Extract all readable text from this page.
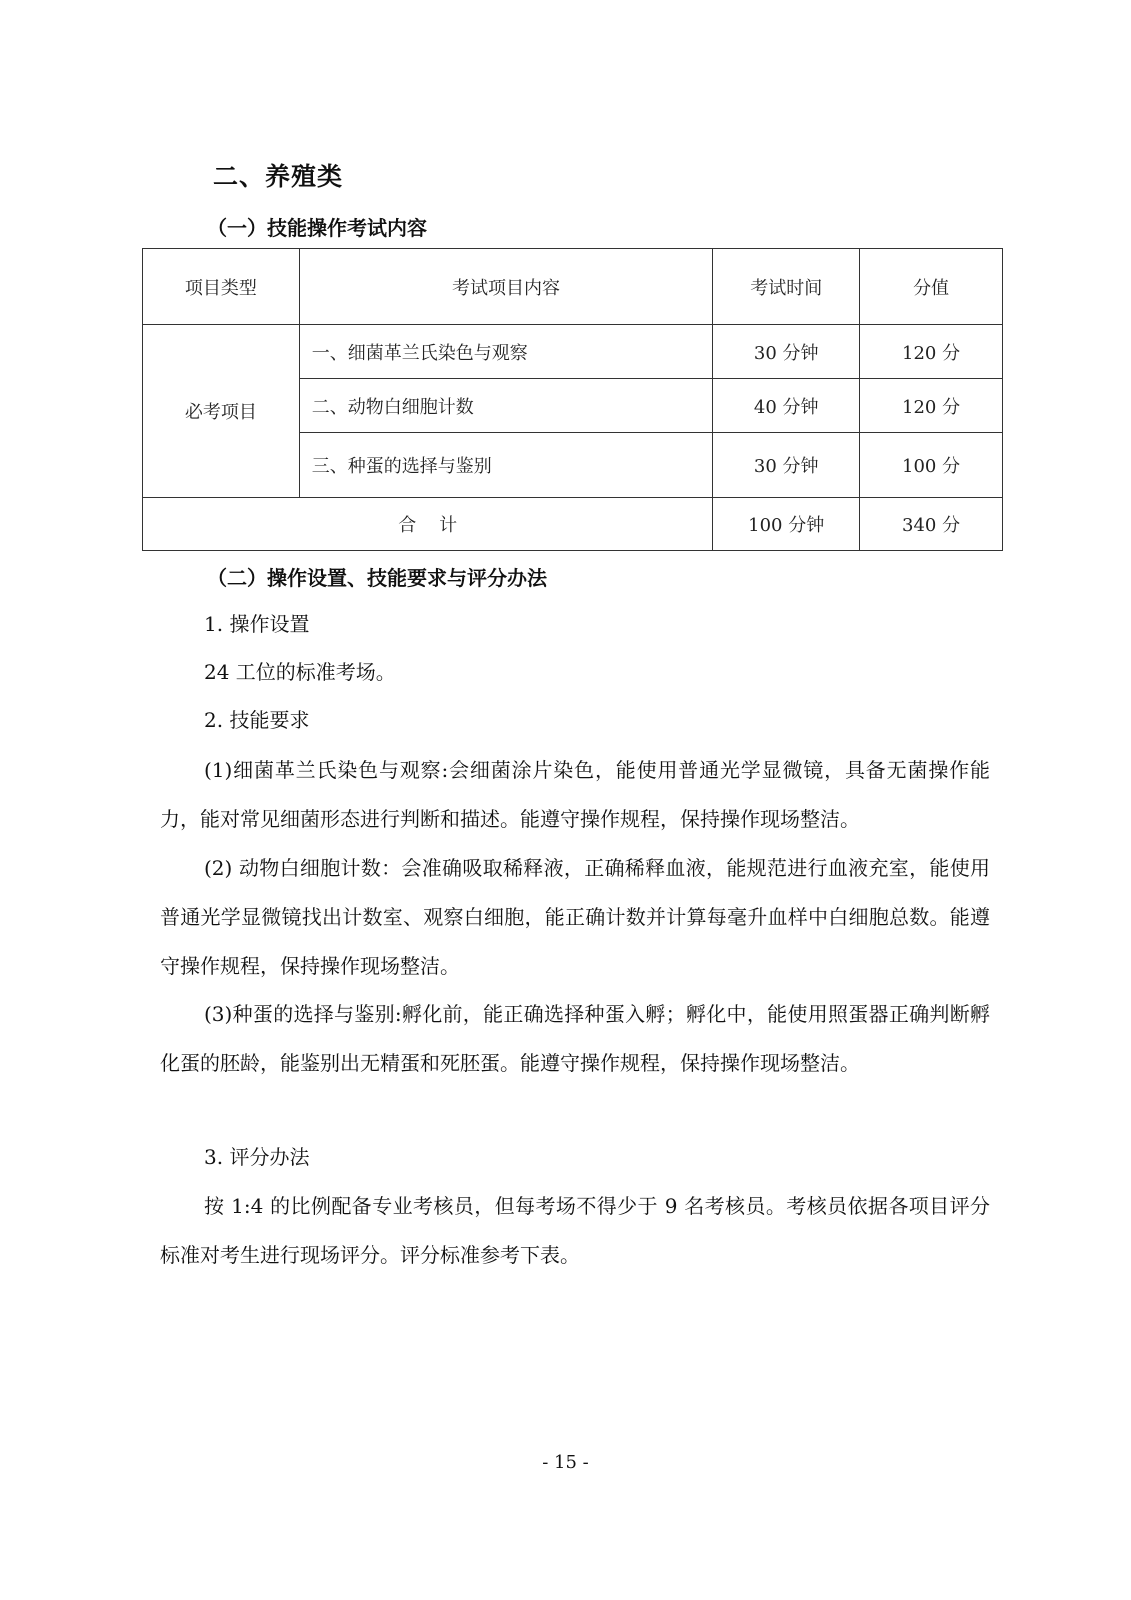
二、养殖类
（一）技能操作考试内容
项目类型	考试项目内容	考试时间	分值
必考项目	一、细菌革兰氏染色与观察	30 分钟	120 分
	二、动物白细胞计数	40 分钟	120 分
	三、种蛋的选择与鉴别	30 分钟	100 分
合    计		100 分钟	340 分
（二）操作设置、技能要求与评分办法
1. 操作设置
24 工位的标准考场。
2. 技能要求
(1)细菌革兰氏染色与观察:会细菌涂片染色，能使用普通光学显微镜，具备无菌操作能力，能对常见细菌形态进行判断和描述。能遵守操作规程，保持操作现场整洁。
(2) 动物白细胞计数：会准确吸取稀释液，正确稀释血液，能规范进行血液充室，能使用普通光学显微镜找出计数室、观察白细胞，能正确计数并计算每毫升血样中白细胞总数。能遵守操作规程，保持操作现场整洁。
(3)种蛋的选择与鉴别:孵化前，能正确选择种蛋入孵；孵化中，能使用照蛋器正确判断孵化蛋的胚龄，能鉴别出无精蛋和死胚蛋。能遵守操作规程，保持操作现场整洁。
3. 评分办法
按 1:4 的比例配备专业考核员，但每考场不得少于 9 名考核员。考核员依据各项目评分标准对考生进行现场评分。评分标准参考下表。
- 15 -
